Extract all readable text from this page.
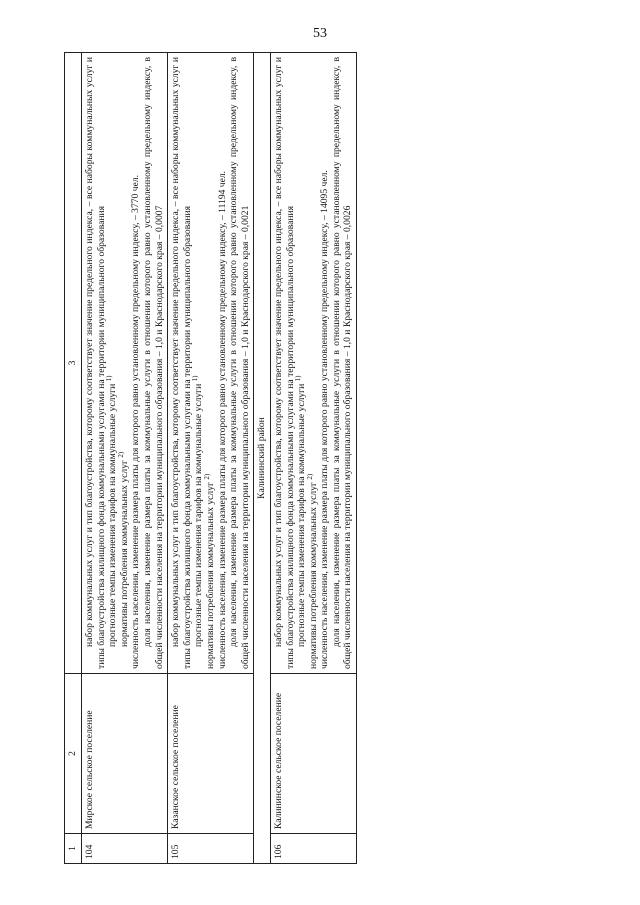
53
1	2	3
104	Мирское сельское поселение	набор коммунальных услуг и тип благоустройства, которому соответствует значение предельного индекса, – все наборы коммунальных услуг и типы благоустройства жилищного фонда коммунальными услугами на территории муниципального образования прогнозные темпы изменения тарифов на коммунальные услуги $^{1)}$

нормативы потребления коммунальных услуг $^{2)}$ численность населения, изменение размера платы для которого равно установленному предельному индексу, – 3770 чел. доля населения, изменение размера платы за коммунальные услуги в отношении которого равно установленному предельному индексу, в общей численности населения на территории муниципального образования – 1,0 и Краснодарского края – 0,0007

105	Казанское сельское поселение	набор коммунальных услуг и тип благоустройства, которому соответствует значение предельного индекса, – все наборы коммунальных услуг и типы благоустройства жилищного фонда коммунальными услугами на территории муниципального образования прогнозные темпы изменения тарифов на коммунальные услуги $^{1)}$

нормативы потребления коммунальных услуг $^{2)}$ численность населения, изменение размера платы для которого равно установленному предельному индексу, – 11194 чел. доля населения, изменение размера платы за коммунальные услуги в отношении которого равно установленному предельному индексу, в общей численности населения на территории муниципального образования – 1,0 и Краснодарского края – 0,0021

Калининский район		
106	Калининское сельское поселение	набор коммунальных услуг и тип благоустройства, которому соответствует значение предельного индекса, – все наборы коммунальных услуг и типы благоустройства жилищного фонда коммунальными услугами на территории муниципального образования прогнозные темпы изменения тарифов на коммунальные услуги $^{1)}$

нормативы потребления коммунальных услуг $^{2)}$ численность населения, изменение размера платы для которого равно установленному предельному индексу, – 14095 чел. доля населения, изменение размера платы за коммунальные услуги в отношении которого равно установленному предельному индексу, в общей численности населения на территории муниципального образования – 1,0 и Краснодарского края – 0,0026
